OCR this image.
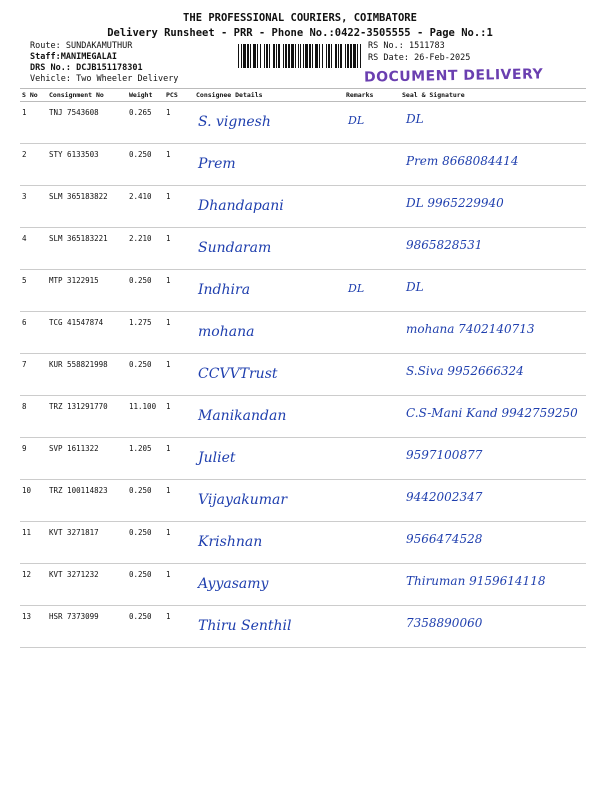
THE PROFESSIONAL COURIERS, COIMBATORE
Delivery Runsheet - PRR - Phone No.:0422-3505555 - Page No.:1
Route: SUNDAKAMUTHUR
Staff:MANIMEGALAI
DRS No.: DCJB151178301
Vehicle: Two Wheeler Delivery
RS No.: 1511783
RS Date: 26-Feb-2025
DOCUMENT DELIVERY
S No	Consignment No	Weight	PCS	Consignee Details	Remarks	Seal & Signature

1	TNJ 7543608	0.265	1	S. vignesh	DL	DL

2	STY 6133503	0.250	1	Prem		Prem 8668084414

3	SLM 365183822	2.410	1	Dhandapani		DL 9965229940

4	SLM 365183221	2.210	1	Sundaram		9865828531

5	MTP 3122915	0.250	1	Indhira	DL	DL

6	TCG 41547874	1.275	1	mohana		mohana 7402140713

7	KUR 558821998	0.250	1	CCVVTrust		S.Siva 9952666324

8	TRZ 131291770	11.100	1	Manikandan		C.S-Mani Kand 9942759250

9	SVP 1611322	1.205	1	Juliet		9597100877

10	TRZ 100114823	0.250	1	Vijayakumar		9442002347

11	KVT 3271817	0.250	1	Krishnan		9566474528

12	KVT 3271232	0.250	1	Ayyasamy		Thiruman 9159614118

13	HSR 7373099	0.250	1	Thiru Senthil		7358890060
